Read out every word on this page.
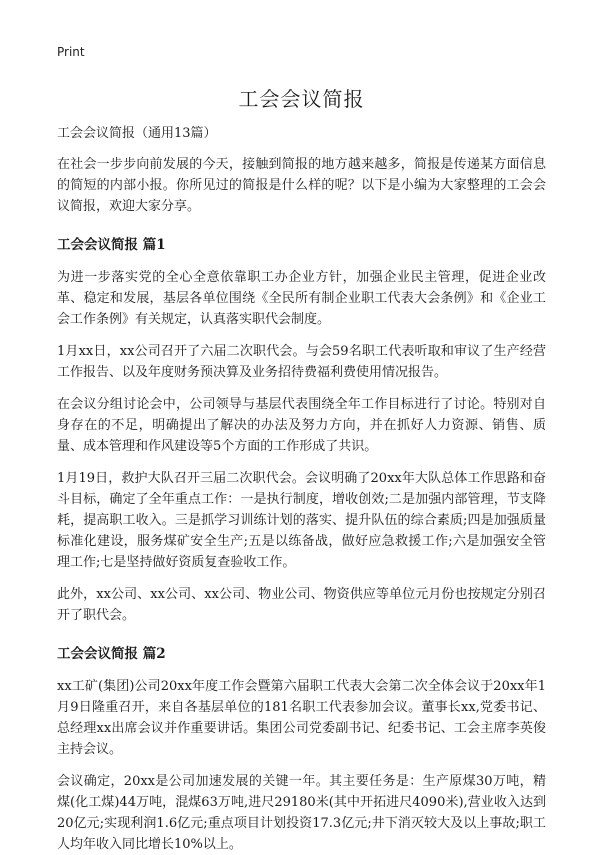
Print
工会会议简报
工会会议简报（通用13篇）

在社会一步步向前发展的今天，接触到简报的地方越来越多，简报是传递某方面信息的简短的内部小报。你所见过的简报是什么样的呢？以下是小编为大家整理的工会会议简报，欢迎大家分享。

工会会议简报 篇1

为进一步落实党的全心全意依靠职工办企业方针，加强企业民主管理，促进企业改革、稳定和发展，基层各单位围绕《全民所有制企业职工代表大会条例》和《企业工会工作条例》有关规定，认真落实职代会制度。

1月xx日，xx公司召开了六届二次职代会。与会59名职工代表听取和审议了生产经营工作报告、以及年度财务预决算及业务招待费福利费使用情况报告。

在会议分组讨论会中，公司领导与基层代表围绕全年工作目标进行了讨论。特别对自身存在的不足，明确提出了解决的办法及努力方向，并在抓好人力资源、销售、质量、成本管理和作风建设等5个方面的工作形成了共识。

1月19日，救护大队召开三届二次职代会。会议明确了20xx年大队总体工作思路和奋斗目标，确定了全年重点工作：一是执行制度，增收创效;二是加强内部管理，节支降耗，提高职工收入。三是抓学习训练计划的落实、提升队伍的综合素质;四是加强质量标准化建设，服务煤矿安全生产;五是以练备战，做好应急救援工作;六是加强安全管理工作;七是坚持做好资质复查验收工作。

此外，xx公司、xx公司、xx公司、物业公司、物资供应等单位元月份也按规定分别召开了职代会。

工会会议简报 篇2

xx工矿(集团)公司20xx年度工作会暨第六届职工代表大会第二次全体会议于20xx年1月9日隆重召开，来自各基层单位的181名职工代表参加会议。董事长xx,党委书记、总经理xx出席会议并作重要讲话。集团公司党委副书记、纪委书记、工会主席李英俊主持会议。

会议确定，20xx是公司加速发展的关键一年。其主要任务是：生产原煤30万吨，精煤(化工煤)44万吨，混煤63万吨,进尺29180米(其中开拓进尺4090米),营业收入达到20亿元;实现利润1.6亿元;重点项目计划投资17.3亿元;井下消灭较大及以上事故;职工人均年收入同比增长10%以上。
